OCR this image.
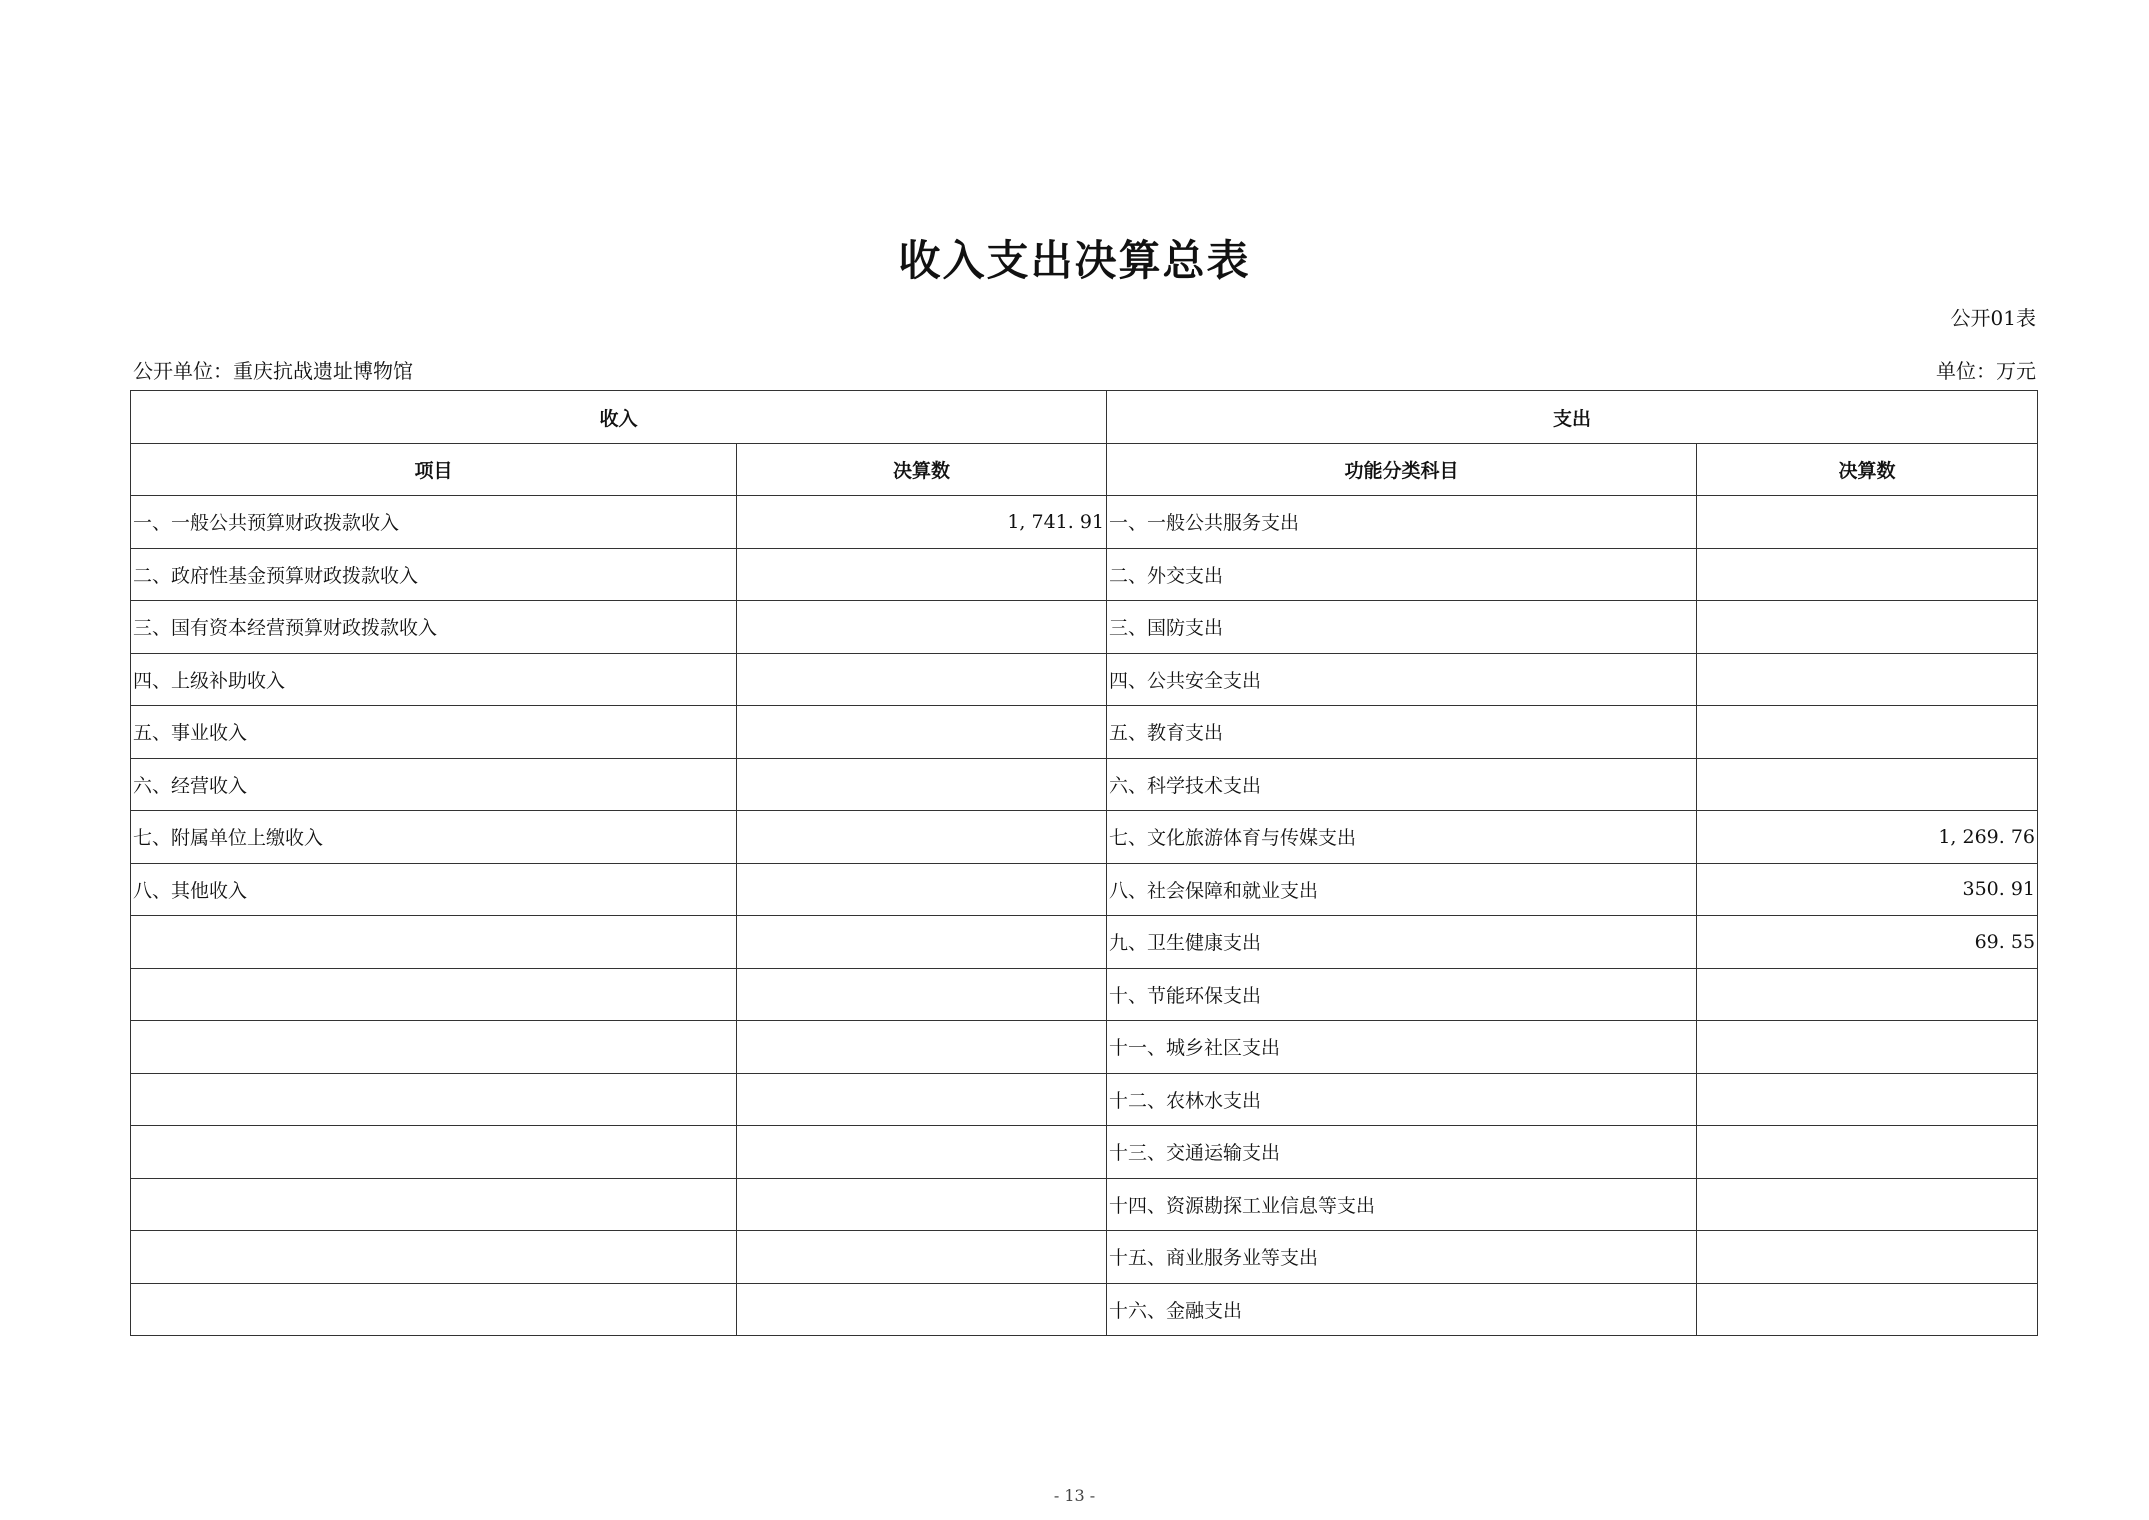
收入支出决算总表
公开01表
公开单位：重庆抗战遗址博物馆	单位：万元
收入		支出	
项目	决算数	功能分类科目	决算数
一、一般公共预算财政拨款收入	1, 741. 91	一、一般公共服务支出	
二、政府性基金预算财政拨款收入		二、外交支出	
三、国有资本经营预算财政拨款收入		三、国防支出	
四、上级补助收入		四、公共安全支出	
五、事业收入		五、教育支出	
六、经营收入		六、科学技术支出	
七、附属单位上缴收入		七、文化旅游体育与传媒支出	1, 269. 76
八、其他收入		八、社会保障和就业支出	350. 91
		九、卫生健康支出	69. 55
		十、节能环保支出	
		十一、城乡社区支出	
		十二、农林水支出	
		十三、交通运输支出	
		十四、资源勘探工业信息等支出	
		十五、商业服务业等支出	
		十六、金融支出	
- 13 -
